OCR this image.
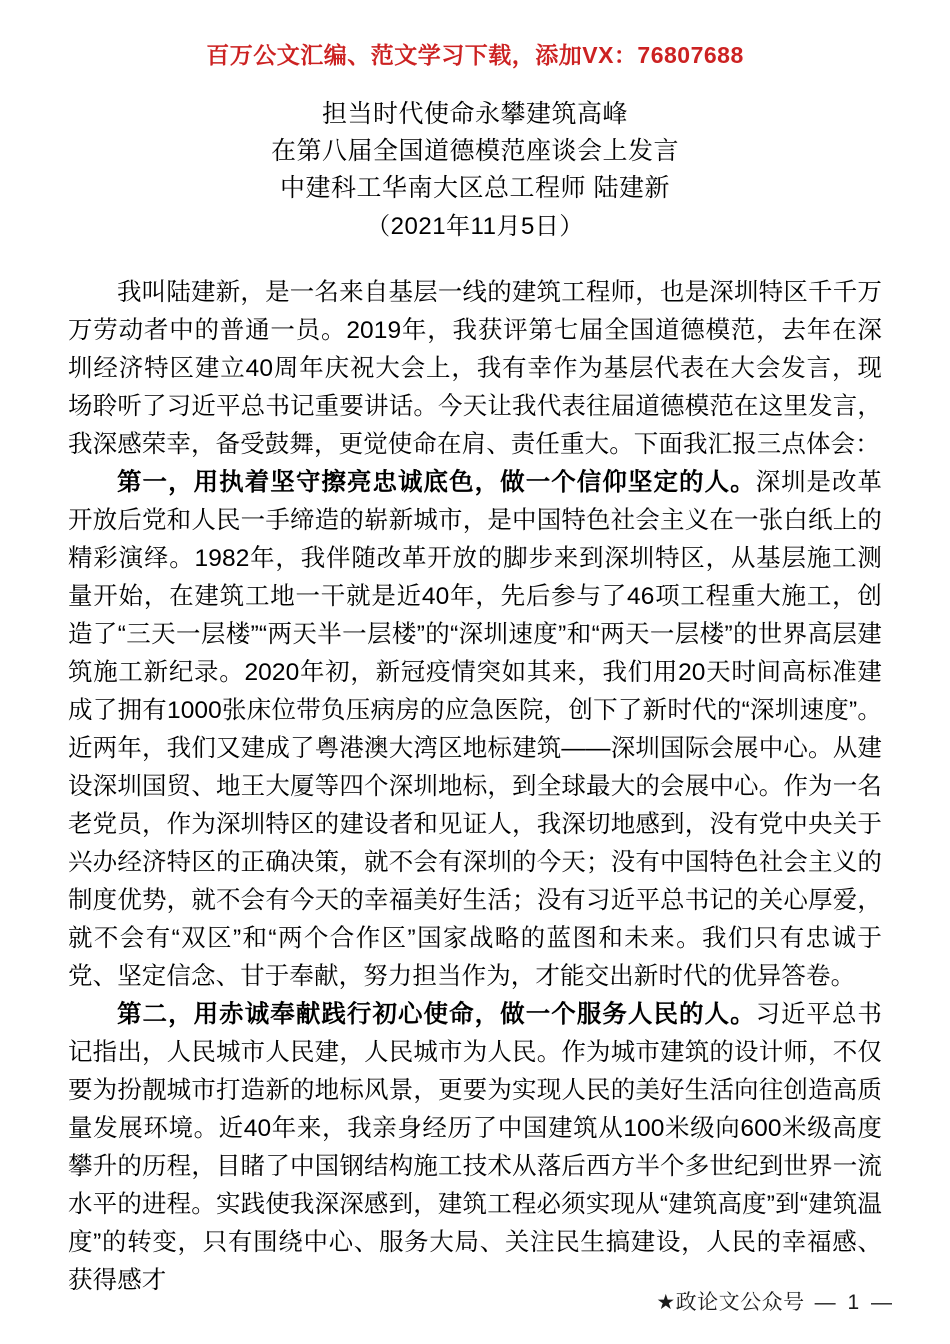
百万公文汇编、范文学习下载，添加VX：76807688
担当时代使命永攀建筑高峰
在第八届全国道德模范座谈会上发言
中建科工华南大区总工程师 陆建新
（2021年11月5日）

我叫陆建新，是一名来自基层一线的建筑工程师，也是深圳特区千千万万劳动者中的普通一员。2019年，我获评第七届全国道德模范，去年在深圳经济特区建立40周年庆祝大会上，我有幸作为基层代表在大会发言，现场聆听了习近平总书记重要讲话。今天让我代表往届道德模范在这里发言，我深感荣幸，备受鼓舞，更觉使命在肩、责任重大。下面我汇报三点体会：

第一，用执着坚守擦亮忠诚底色，做一个信仰坚定的人。深圳是改革开放后党和人民一手缔造的崭新城市，是中国特色社会主义在一张白纸上的精彩演绎。1982年，我伴随改革开放的脚步来到深圳特区，从基层施工测量开始，在建筑工地一干就是近40年，先后参与了46项工程重大施工，创造了“三天一层楼”“两天半一层楼”的“深圳速度”和“两天一层楼”的世界高层建筑施工新纪录。2020年初，新冠疫情突如其来，我们用20天时间高标准建成了拥有1000张床位带负压病房的应急医院，创下了新时代的“深圳速度”。近两年，我们又建成了粤港澳大湾区地标建筑——深圳国际会展中心。从建设深圳国贸、地王大厦等四个深圳地标，到全球最大的会展中心。作为一名老党员，作为深圳特区的建设者和见证人，我深切地感到，没有党中央关于兴办经济特区的正确决策，就不会有深圳的今天；没有中国特色社会主义的制度优势，就不会有今天的幸福美好生活；没有习近平总书记的关心厚爱，就不会有“双区”和“两个合作区”国家战略的蓝图和未来。我们只有忠诚于党、坚定信念、甘于奉献，努力担当作为，才能交出新时代的优异答卷。

第二，用赤诚奉献践行初心使命，做一个服务人民的人。习近平总书记指出，人民城市人民建，人民城市为人民。作为城市建筑的设计师，不仅要为扮靓城市打造新的地标风景，更要为实现人民的美好生活向往创造高质量发展环境。近40年来，我亲身经历了中国建筑从100米级向600米级高度攀升的历程，目睹了中国钢结构施工技术从落后西方半个多世纪到世界一流水平的进程。实践使我深深感到，建筑工程必须实现从“建筑高度”到“建筑温度”的转变，只有围绕中心、服务大局、关注民生搞建设，人民的幸福感、获得感才

★政论文公众号 — 1 —
